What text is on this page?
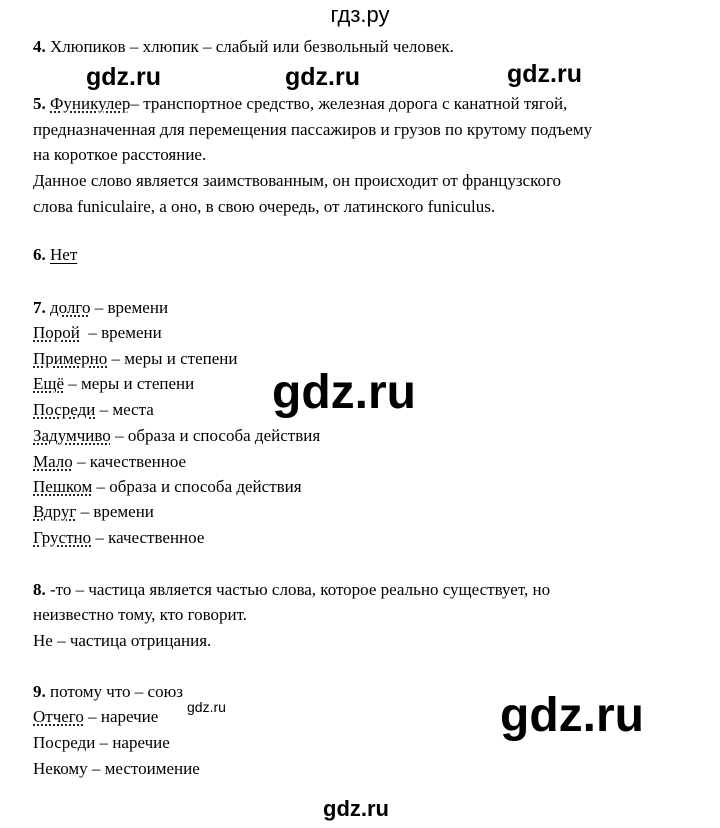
гдз.ру
gdz.ru	gdz.ru	gdz.ru
4. Хлюпиков – хлюпик – слабый или безвольный человек.
5. Фуникулер– транспортное средство, железная дорога с канатной тягой,
предназначенная для перемещения пассажиров и грузов по крутому подъему
на короткое расстояние.
Данное слово является заимствованным, он происходит от французского
слова funiculaire, а оно, в свою очередь, от латинского funiculus.
6. Нет
7. долго – времени
Порой  – времени
Примерно – меры и степени
Ещё – меры и степени
Посреди – места
Задумчиво – образа и способа действия
Мало – качественное
Пешком – образа и способа действия
Вдруг – времени
Грустно – качественное
8. -то – частица является частью слова, которое реально существует, но
неизвестно тому, кто говорит.
Не – частица отрицания.
9. потому что – союз
Отчего – наречие
Посреди – наречие
Некому – местоимение
gdz.ru
gdz.ru	gdz.ru
gdz.ru
